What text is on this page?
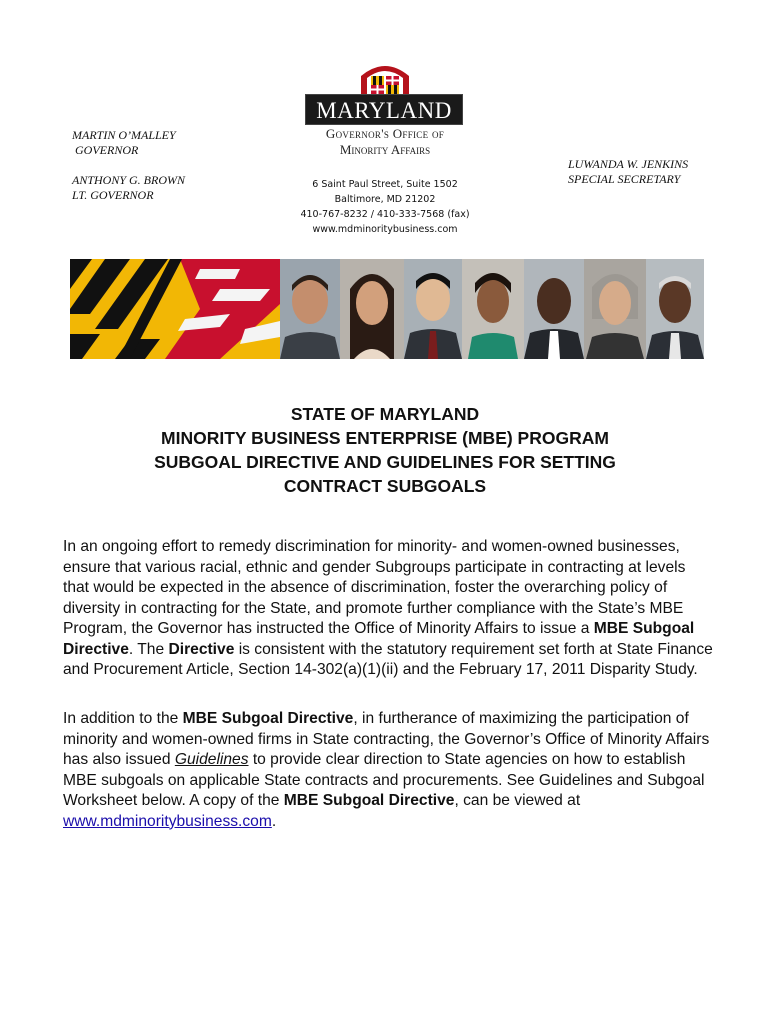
MARTIN O’MALLEY
GOVERNOR
ANTHONY G. BROWN
LT. GOVERNOR
LUWANDA W. JENKINS
SPECIAL SECRETARY
MARYLAND
Governor's Office of
Minority Affairs
6 Saint Paul Street, Suite 1502
Baltimore, MD 21202
410-767-8232 / 410-333-7568 (fax)
www.mdminoritybusiness.com
STATE OF MARYLAND
MINORITY BUSINESS ENTERPRISE (MBE) PROGRAM
SUBGOAL DIRECTIVE AND GUIDELINES FOR SETTING
CONTRACT SUBGOALS
In an ongoing effort to remedy discrimination for minority- and women-owned businesses, ensure that various racial, ethnic and gender Subgroups participate in contracting at levels that would be expected in the absence of discrimination, foster the overarching policy of diversity in contracting for the State, and promote further compliance with the State’s MBE Program, the Governor has instructed the Office of Minority Affairs to issue a MBE Subgoal Directive. The Directive is consistent with the statutory requirement set forth at State Finance and Procurement Article, Section 14-302(a)(1)(ii) and the February 17, 2011 Disparity Study.
In addition to the MBE Subgoal Directive, in furtherance of maximizing the participation of minority and women-owned firms in State contracting, the Governor’s Office of Minority Affairs has also issued Guidelines to provide clear direction to State agencies on how to establish MBE subgoals on applicable State contracts and procurements. See Guidelines and Subgoal Worksheet below. A copy of the MBE Subgoal Directive, can be viewed at www.mdminoritybusiness.com.
